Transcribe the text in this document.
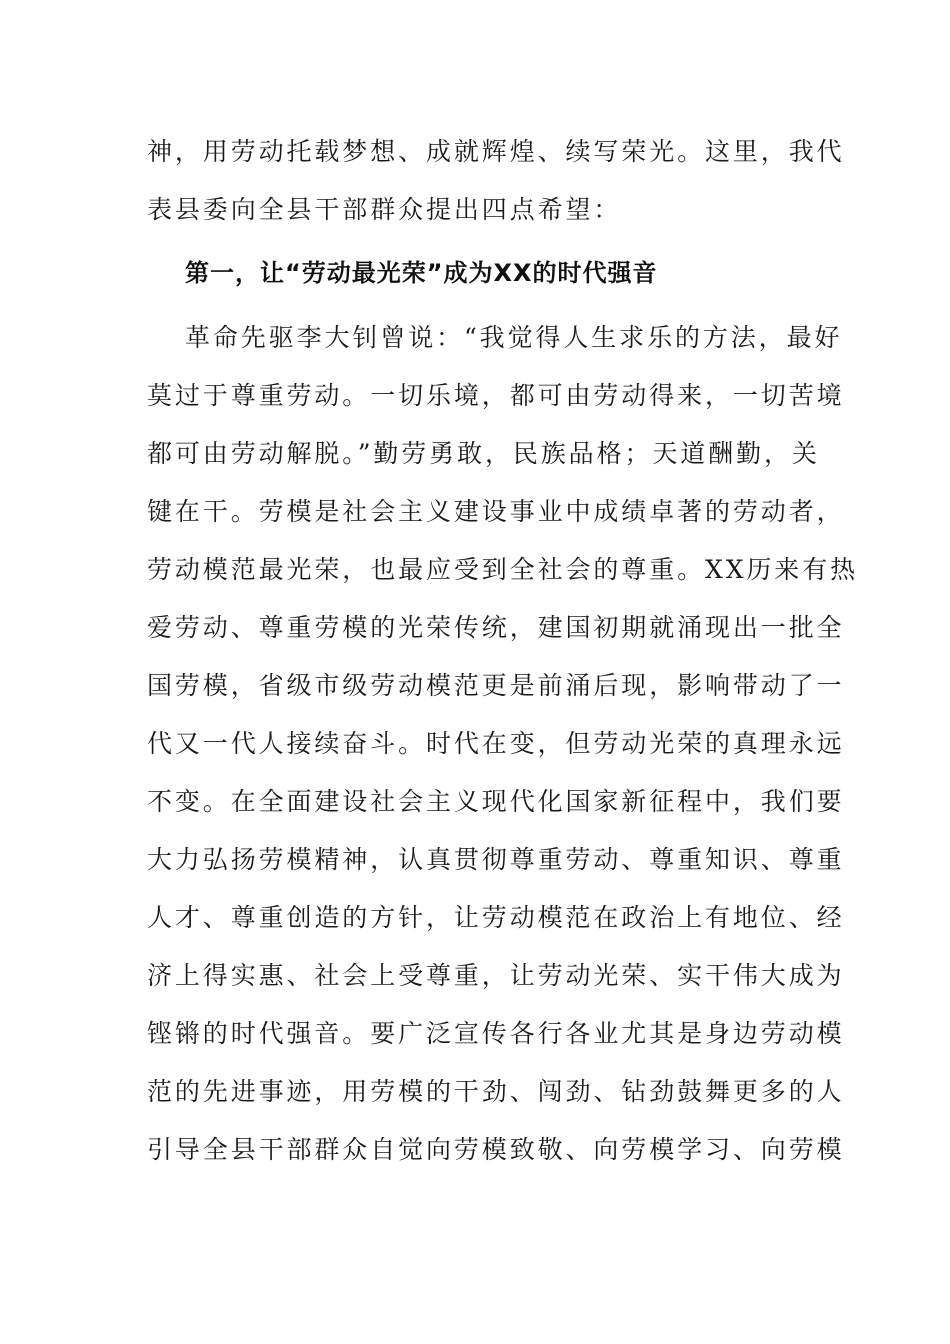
神，用劳动托载梦想、成就辉煌、续写荣光。这里，我代
表县委向全县干部群众提出四点希望：
第一，让“劳动最光荣”成为XX的时代强音
革命先驱李大钊曾说：“我觉得人生求乐的方法，最好
莫过于尊重劳动。一切乐境，都可由劳动得来，一切苦境
都可由劳动解脱。”勤劳勇敢，民族品格；天道酬勤，关
键在干。劳模是社会主义建设事业中成绩卓著的劳动者，
劳动模范最光荣，也最应受到全社会的尊重。XX历来有热
爱劳动、尊重劳模的光荣传统，建国初期就涌现出一批全
国劳模，省级市级劳动模范更是前涌后现，影响带动了一
代又一代人接续奋斗。时代在变，但劳动光荣的真理永远
不变。在全面建设社会主义现代化国家新征程中，我们要
大力弘扬劳模精神，认真贯彻尊重劳动、尊重知识、尊重
人才、尊重创造的方针，让劳动模范在政治上有地位、经
济上得实惠、社会上受尊重，让劳动光荣、实干伟大成为
铿锵的时代强音。要广泛宣传各行各业尤其是身边劳动模
范的先进事迹，用劳模的干劲、闯劲、钻劲鼓舞更多的人
引导全县干部群众自觉向劳模致敬、向劳模学习、向劳模
